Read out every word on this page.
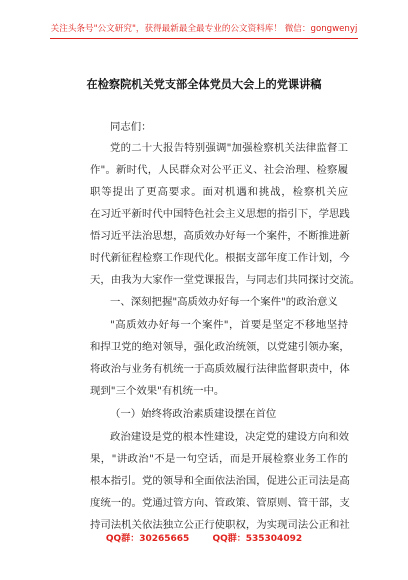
关注头条号"公文研究"，获得最新最全最专业的公文资料库！ 微信：gongwenyj
在检察院机关党支部全体党员大会上的党课讲稿
同志们：
党的二十大报告特别强调"加强检察机关法律监督工
作"。新时代，人民群众对公平正义、社会治理、检察履
职等提出了更高要求。面对机遇和挑战，检察机关应
在习近平新时代中国特色社会主义思想的指引下，学思践
悟习近平法治思想，高质效办好每一个案件，不断推进新
时代新征程检察工作现代化。根据支部年度工作计划，今
天，由我为大家作一堂党课报告，与同志们共同探讨交流。
一、深刻把握"高质效办好每一个案件"的政治意义
"高质效办好每一个案件"，首要是坚定不移地坚持
和捍卫党的绝对领导，强化政治统领，以党建引领办案，
将政治与业务有机统一于高质效履行法律监督职责中，体
现到"三个效果"有机统一中。
（一）始终将政治素质建设摆在首位
政治建设是党的根本性建设，决定党的建设方向和效
果，"讲政治"不是一句空话，而是开展检察业务工作的
根本指引。党的领导和全面依法治国，促进公正司法是高
度统一的。党通过管方向、管政策、管原则、管干部，支
持司法机关依法独立公正行使职权，为实现司法公正和社
QQ群：30265665	QQ群：535304092
